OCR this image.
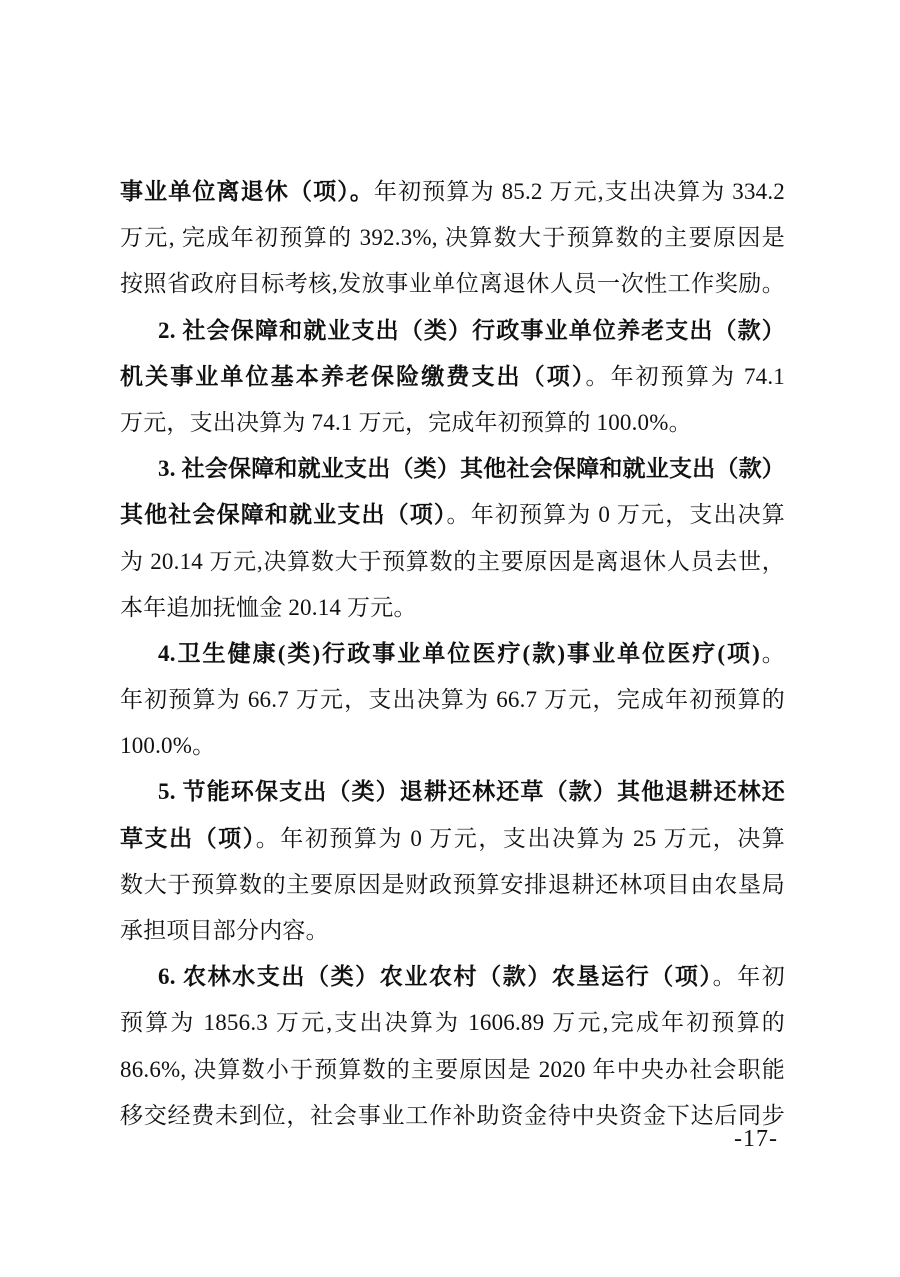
事业单位离退休（项）。年初预算为 85.2 万元,支出决算为 334.2
万元, 完成年初预算的 392.3%, 决算数大于预算数的主要原因是
按照省政府目标考核,发放事业单位离退休人员一次性工作奖励。
2. 社会保障和就业支出（类）行政事业单位养老支出（款）
机关事业单位基本养老保险缴费支出（项）。年初预算为 74.1
万元，支出决算为 74.1 万元，完成年初预算的 100.0%。
3. 社会保障和就业支出（类）其他社会保障和就业支出（款）
其他社会保障和就业支出（项）。年初预算为 0 万元，支出决算
为 20.14 万元,决算数大于预算数的主要原因是离退休人员去世，
本年追加抚恤金 20.14 万元。
4.卫生健康(类)行政事业单位医疗(款)事业单位医疗(项)。
年初预算为 66.7 万元，支出决算为 66.7 万元，完成年初预算的
100.0%。
5. 节能环保支出（类）退耕还林还草（款）其他退耕还林还
草支出（项）。年初预算为 0 万元，支出决算为 25 万元，决算
数大于预算数的主要原因是财政预算安排退耕还林项目由农垦局
承担项目部分内容。
6. 农林水支出（类）农业农村（款）农垦运行（项）。年初
预算为 1856.3 万元,支出决算为 1606.89 万元,完成年初预算的
86.6%, 决算数小于预算数的主要原因是 2020 年中央办社会职能
移交经费未到位，社会事业工作补助资金待中央资金下达后同步
-17-
